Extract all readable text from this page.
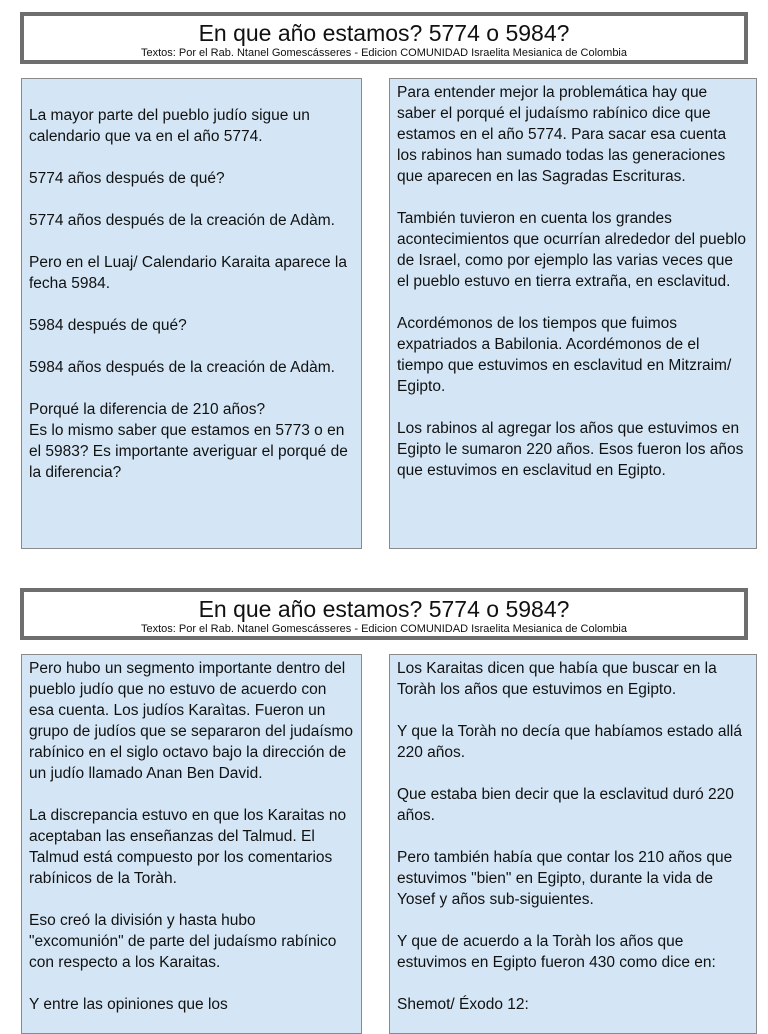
En que año estamos? 5774 o 5984?
Textos: Por el Rab. Ntanel Gomescásseres - Edicion COMUNIDAD Israelita Mesianica de Colombia

La mayor parte del pueblo judío sigue un calendario que va en el año 5774.

5774 años después de qué?

5774 años después de la creación de Adàm.

Pero en el Luaj/ Calendario Karaita aparece la fecha 5984.

5984 después de qué?

5984 años después de la creación de Adàm.

Porqué la diferencia de 210 años?
Es lo mismo saber que estamos en 5773 o en el 5983? Es importante averiguar el porqué de la diferencia?

Para entender mejor la problemática hay que saber el porqué el judaísmo rabínico dice que estamos en el año 5774. Para sacar esa cuenta los rabinos han sumado todas las generaciones que aparecen en las Sagradas Escrituras.

También tuvieron en cuenta los grandes acontecimientos que ocurrían alrededor del pueblo de Israel, como por ejemplo las varias veces que el pueblo estuvo en tierra extraña, en esclavitud.

Acordémonos de los tiempos que fuimos expatriados a Babilonia. Acordémonos de el tiempo que estuvimos en esclavitud en Mitzraim/ Egipto.

Los rabinos al agregar los años que estuvimos en Egipto le sumaron 220 años. Esos fueron los años que estuvimos en esclavitud en Egipto.

En que año estamos? 5774 o 5984?
Textos: Por el Rab. Ntanel Gomescásseres - Edicion COMUNIDAD Israelita Mesianica de Colombia

Pero hubo un segmento importante dentro del pueblo judío que no estuvo de acuerdo con esa cuenta. Los judíos Karaìtas. Fueron un grupo de judíos que se separaron del judaísmo rabínico en el siglo octavo bajo la dirección de un judío llamado Anan Ben David.

La discrepancia estuvo en que los Karaitas no aceptaban las enseñanzas del Talmud. El Talmud está compuesto por los comentarios rabínicos de la Toràh.

Eso creó la división y hasta hubo "excomunión" de parte del judaísmo rabínico con respecto a los Karaitas.

Y entre las opiniones que los

Los Karaitas dicen que había que buscar en la Toràh los años que estuvimos en Egipto.

Y que la Toràh no decía que habíamos estado allá 220 años.

Que estaba bien decir que la esclavitud duró 220 años.

Pero también había que contar los 210 años que estuvimos "bien" en Egipto, durante la vida de Yosef y años sub-siguientes.

Y que de acuerdo a la Toràh los años que estuvimos en Egipto fueron 430 como dice en:

Shemot/ Éxodo 12:
